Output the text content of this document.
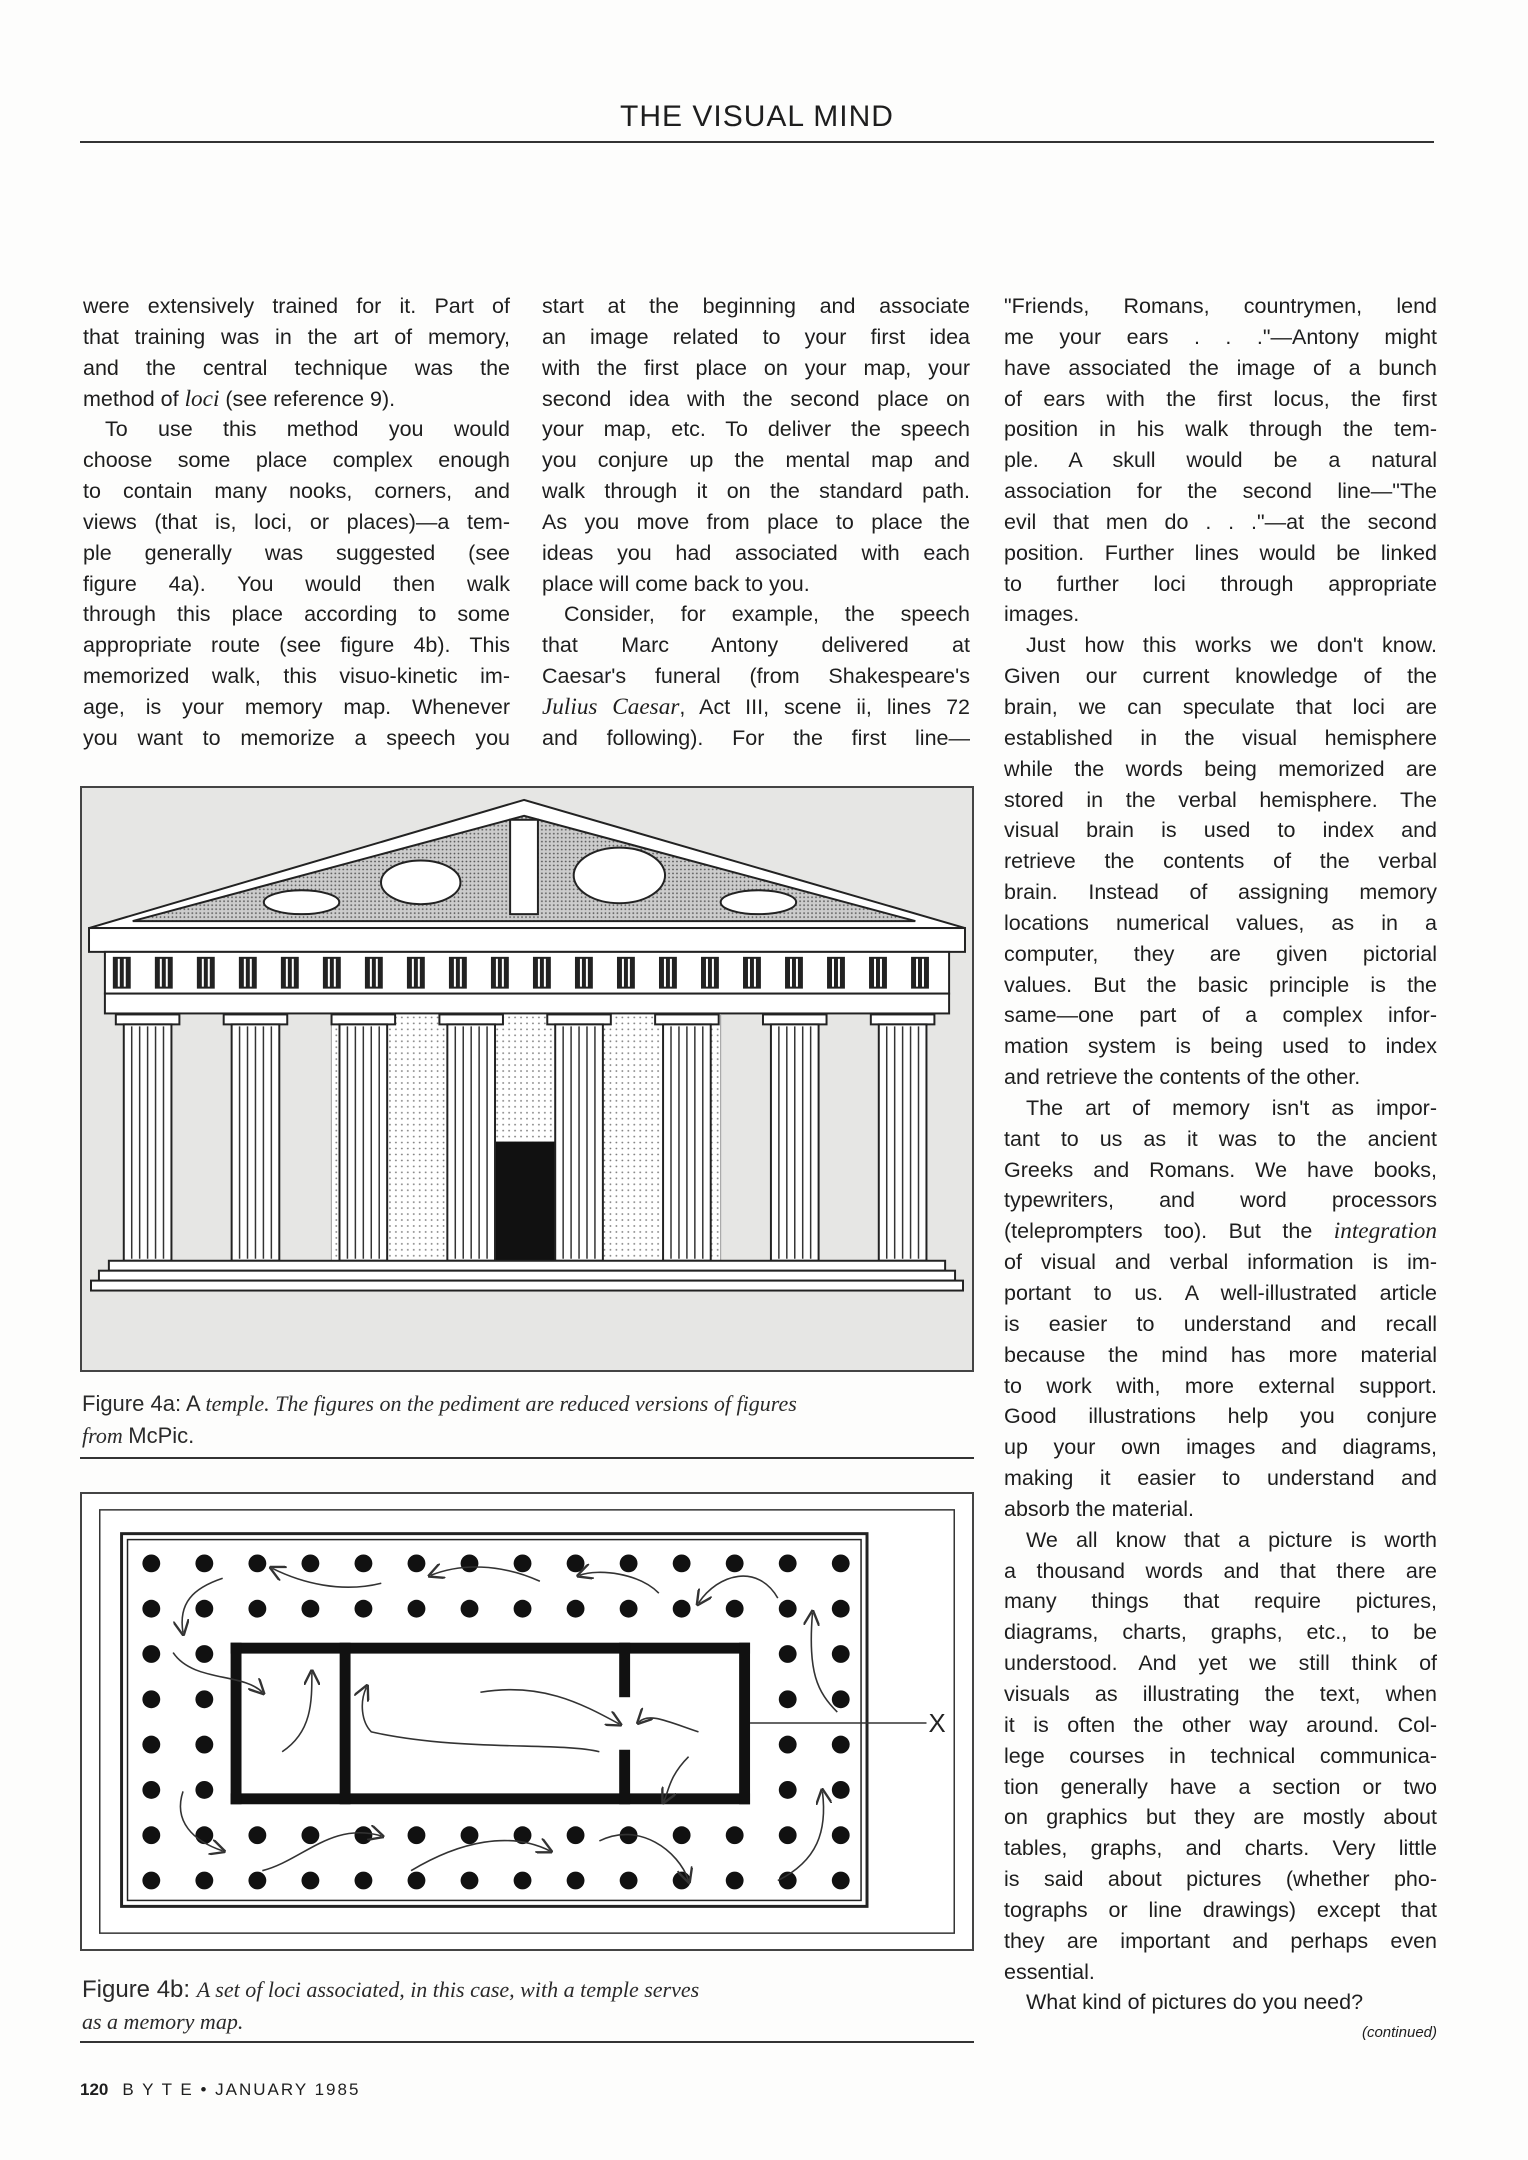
THE VISUAL MIND
were extensively trained for it. Part of
that training was in the art of memory,
and the central technique was the
method of loci (see reference 9).
To use this method you would
choose some place complex enough
to contain many nooks, corners, and
views (that is, loci, or places)—a tem-
ple generally was suggested (see
figure 4a). You would then walk
through this place according to some
appropriate route (see figure 4b). This
memorized walk, this visuo-kinetic im-
age, is your memory map. Whenever
you want to memorize a speech you
start at the beginning and associate
an image related to your first idea
with the first place on your map, your
second idea with the second place on
your map, etc. To deliver the speech
you conjure up the mental map and
walk through it on the standard path.
As you move from place to place the
ideas you had associated with each
place will come back to you.
Consider, for example, the speech
that Marc Antony delivered at
Caesar's funeral (from Shakespeare's
Julius Caesar, Act III, scene ii, lines 72
and following). For the first line—
"Friends, Romans, countrymen, lend
me your ears . . ."—Antony might
have associated the image of a bunch
of ears with the first locus, the first
position in his walk through the tem-
ple. A skull would be a natural
association for the second line—"The
evil that men do . . ."—at the second
position. Further lines would be linked
to further loci through appropriate
images.
Just how this works we don't know.
Given our current knowledge of the
brain, we can speculate that loci are
established in the visual hemisphere
while the words being memorized are
stored in the verbal hemisphere. The
visual brain is used to index and
retrieve the contents of the verbal
brain. Instead of assigning memory
locations numerical values, as in a
computer, they are given pictorial
values. But the basic principle is the
same—one part of a complex infor-
mation system is being used to index
and retrieve the contents of the other.
The art of memory isn't as impor-
tant to us as it was to the ancient
Greeks and Romans. We have books,
typewriters, and word processors
(teleprompters too). But the integration
of visual and verbal information is im-
portant to us. A well-illustrated article
is easier to understand and recall
because the mind has more material
to work with, more external support.
Good illustrations help you conjure
up your own images and diagrams,
making it easier to understand and
absorb the material.
We all know that a picture is worth
a thousand words and that there are
many things that require pictures,
diagrams, charts, graphs, etc., to be
understood. And yet we still think of
visuals as illustrating the text, when
it is often the other way around. Col-
lege courses in technical communica-
tion generally have a section or two
on graphics but they are mostly about
tables, graphs, and charts. Very little
is said about pictures (whether pho-
tographs or line drawings) except that
they are important and perhaps even
essential.
What kind of pictures do you need?
(continued)
Figure 4a: A temple. The figures on the pediment are reduced versions of figures
from McPic.
X
Figure 4b: A set of loci associated, in this case, with a temple serves
as a memory map.
120 B Y T E • JANUARY 1985
